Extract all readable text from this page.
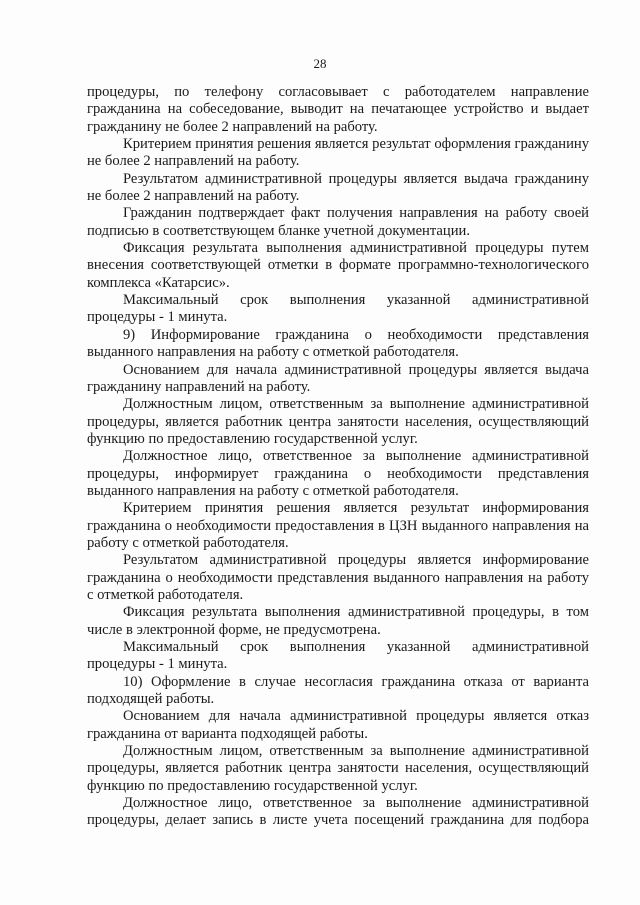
28

процедуры, по телефону согласовывает с работодателем направление гражданина на собеседование, выводит на печатающее устройство и выдает гражданину не более 2 направлений на работу.

Критерием принятия решения является результат оформления гражданину не более 2 направлений на работу.

Результатом административной процедуры является выдача гражданину не более 2 направлений на работу.

Гражданин подтверждает факт получения направления на работу своей подписью в соответствующем бланке учетной документации.

Фиксация результата выполнения административной процедуры путем внесения соответствующей отметки в формате программно-технологического комплекса «Катарсис».

Максимальный срок выполнения указанной административной процедуры - 1 минута.

9) Информирование гражданина о необходимости представления выданного направления на работу с отметкой работодателя.

Основанием для начала административной процедуры является выдача гражданину направлений на работу.

Должностным лицом, ответственным за выполнение административной процедуры, является работник центра занятости населения, осуществляющий функцию по предоставлению государственной услуг.

Должностное лицо, ответственное за выполнение административной процедуры, информирует гражданина о необходимости представления выданного направления на работу с отметкой работодателя.

Критерием принятия решения является результат информирования гражданина о необходимости предоставления в ЦЗН выданного направления на работу с отметкой работодателя.

Результатом административной процедуры является информирование гражданина о необходимости представления выданного направления на работу с отметкой работодателя.

Фиксация результата выполнения административной процедуры, в том числе в электронной форме, не предусмотрена.

Максимальный срок выполнения указанной административной процедуры - 1 минута.

10) Оформление в случае несогласия гражданина отказа от варианта подходящей работы.

Основанием для начала административной процедуры является отказ гражданина от варианта подходящей работы.

Должностным лицом, ответственным за выполнение административной процедуры, является работник центра занятости населения, осуществляющий функцию по предоставлению государственной услуг.

Должностное лицо, ответственное за выполнение административной процедуры, делает запись в листе учета посещений гражданина для подбора
